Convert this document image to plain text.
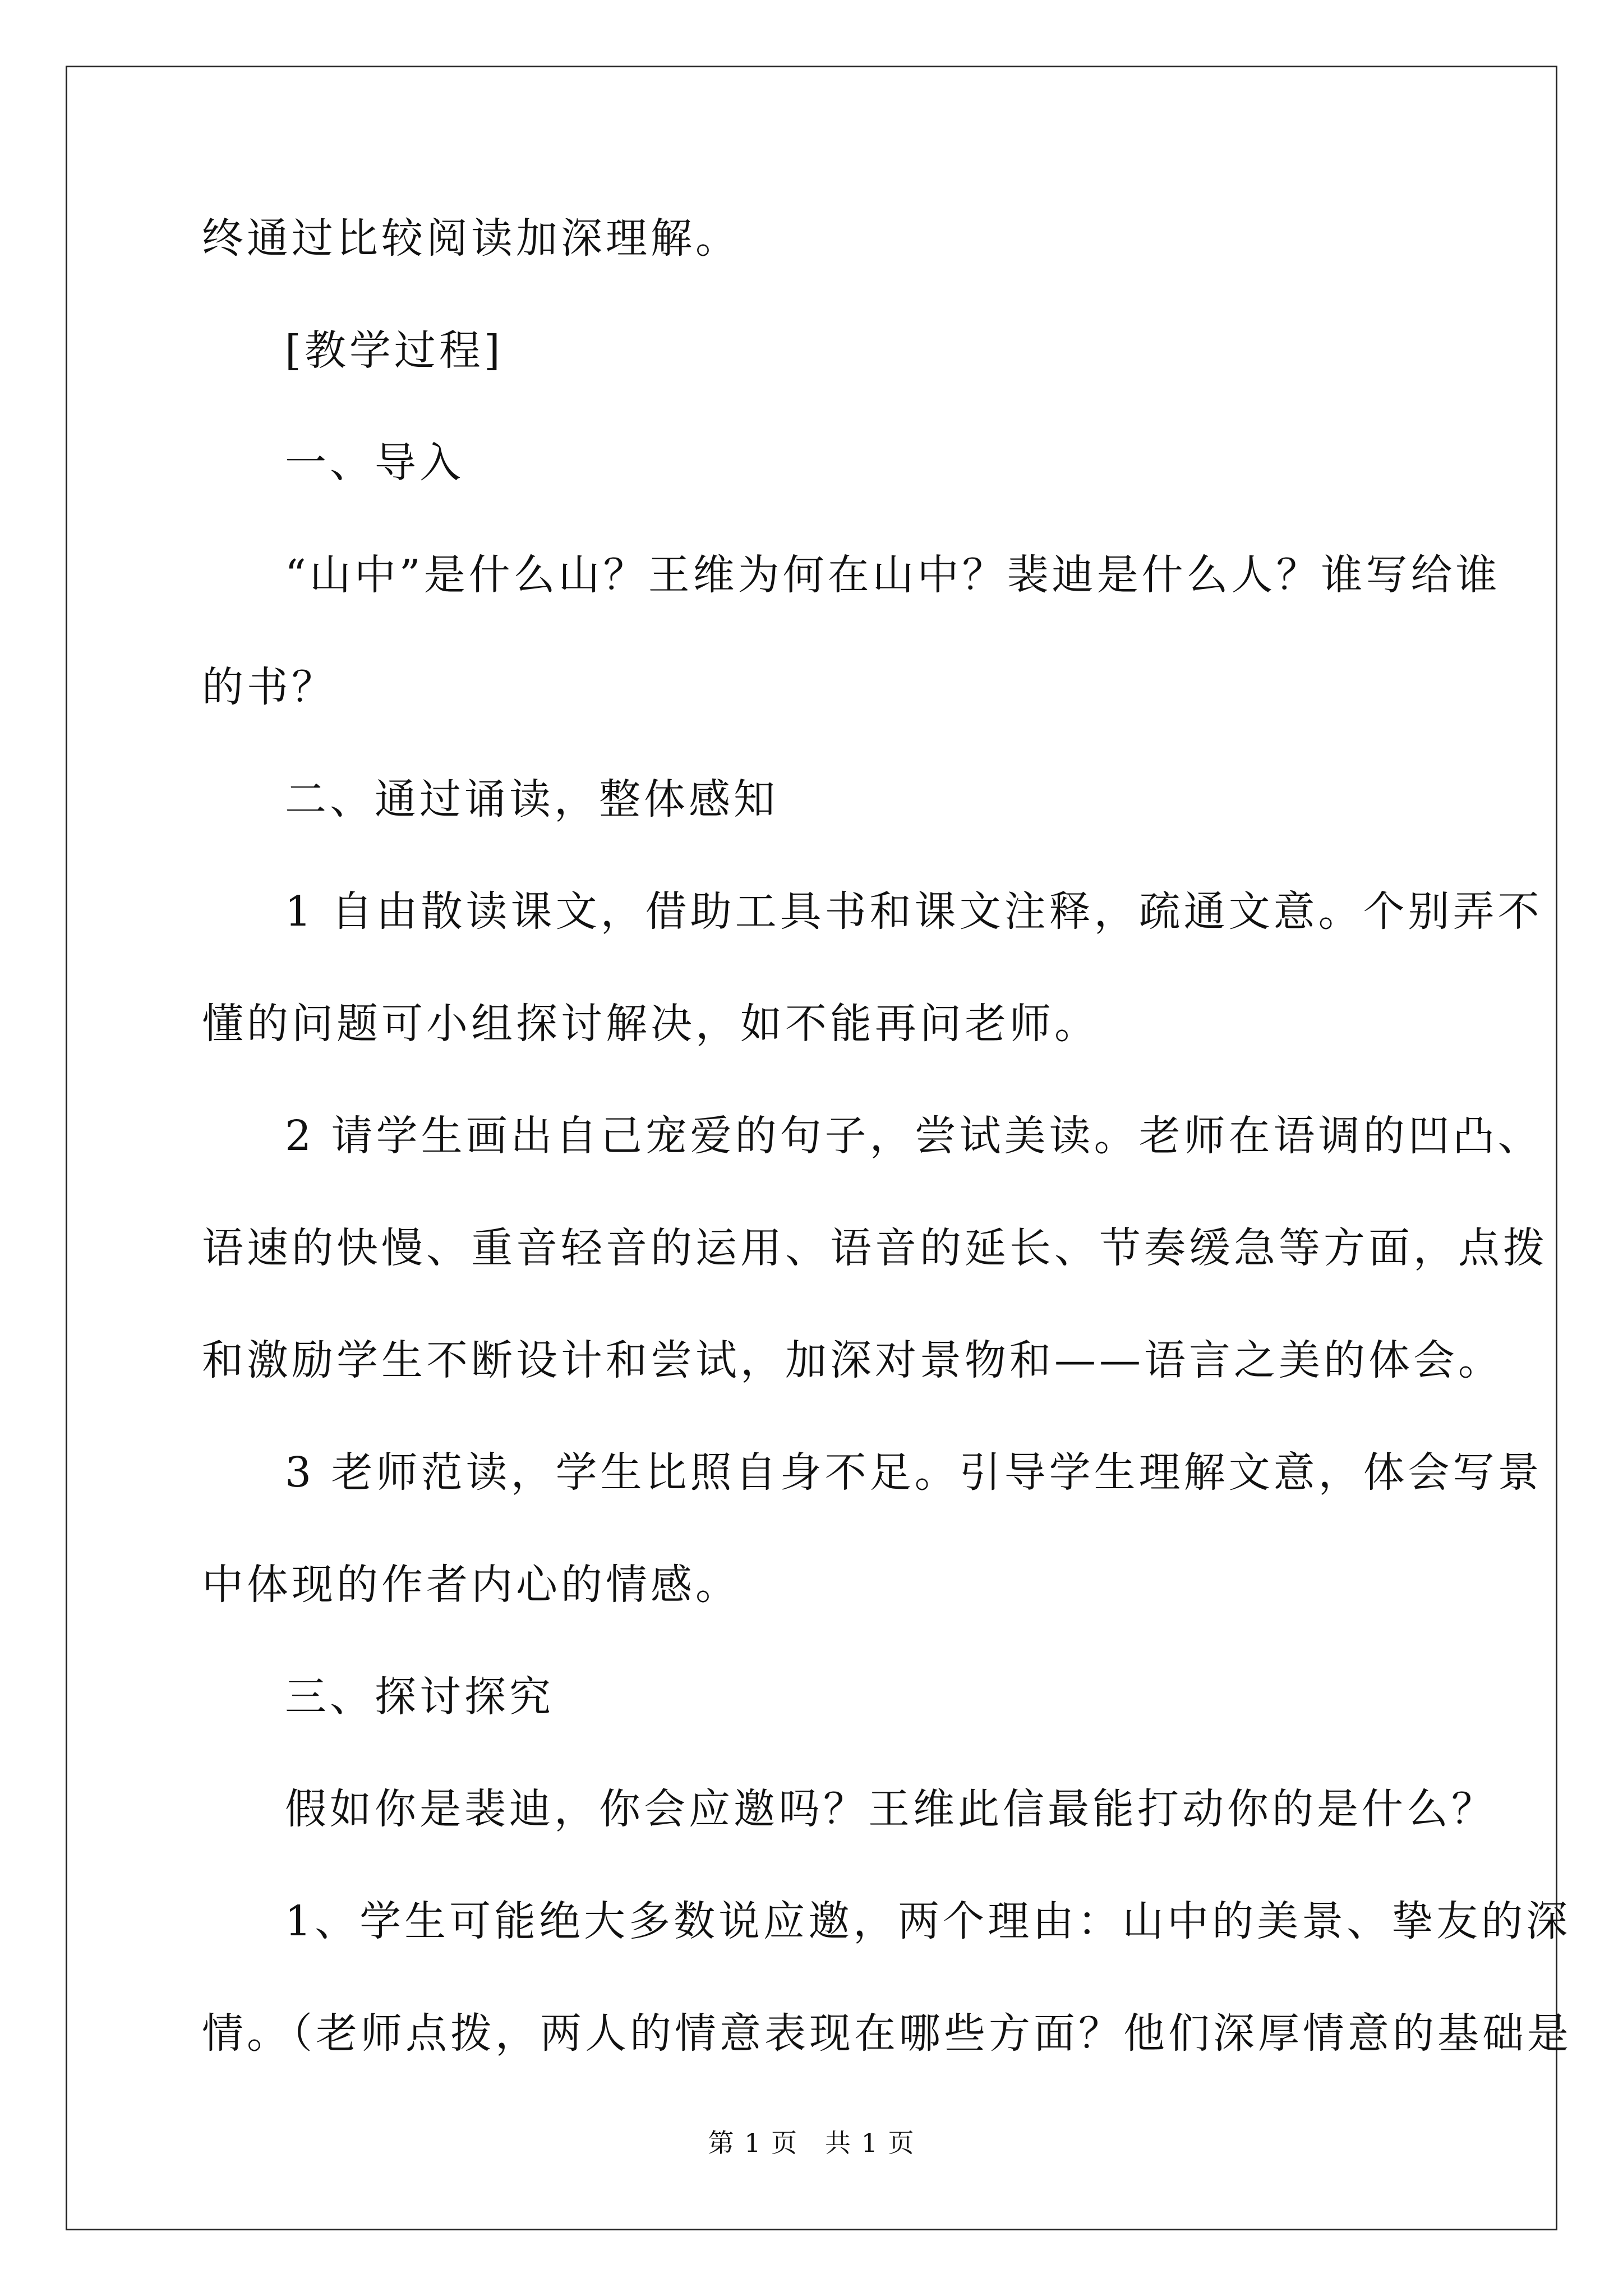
终通过比较阅读加深理解。
[教学过程]
一、导入
“山中”是什么山？王维为何在山中？裴迪是什么人？谁写给谁
的书？
二、通过诵读，整体感知
1 自由散读课文，借助工具书和课文注释，疏通文意。个别弄不
懂的问题可小组探讨解决，如不能再问老师。
2 请学生画出自己宠爱的句子，尝试美读。老师在语调的凹凸、
语速的快慢、重音轻音的运用、语音的延长、节奏缓急等方面，点拨
和激励学生不断设计和尝试，加深对景物和——语言之美的体会。
3 老师范读，学生比照自身不足。引导学生理解文意，体会写景
中体现的作者内心的情感。
三、探讨探究
假如你是裴迪，你会应邀吗？王维此信最能打动你的是什么？
1、学生可能绝大多数说应邀，两个理由：山中的美景、挚友的深
情。（老师点拨，两人的情意表现在哪些方面？他们深厚情意的基础是
第 1 页　共 1 页
